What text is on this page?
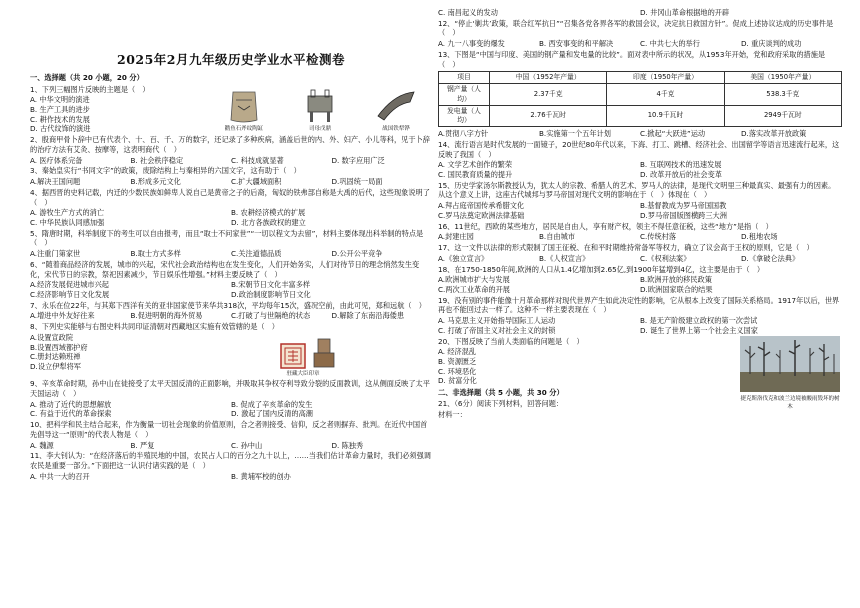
2025年2月九年级历史学业水平检测卷
一、选择题（共 20 小题，20 分）
1、下列三幅图片反映的主题是（　）
A. 中华文明的演进
B. 生产工具的进步
C. 耕作技术的发展
D. 古代纹饰的演进	鹳鱼石斧纹陶缸	司母戊鼎	战国铁犁铧
2、殷商甲骨卜辞中已有代表个、十、百、千、万的数字，还记录了多种疾病，涵盖后世的内、外、妇产、小儿等科，见于卜辞的治疗方法有艾灸、按摩等，这表明商代（　）
A. 医疗体系完备	B. 社会秩序稳定	C. 科技成就显著	D. 数字应用广泛
3、秦始皇实行“书同文字”的政策，废除结构上与秦相异的六国文字，这有助于（　）
A.解决王国问题	B.形成多元文化	C.扩大疆域面积	D.巩固统一局面
4、据西晋的史料记载，内迁的少数民族如鲜卑人说自己是黄帝之子的后裔，匈奴的铁弗部自称是大禹的后代，这些现象说明了（　）
A. 游牧生产方式的消亡	B. 农耕经济模式的扩展
C. 中华民族认同感加强	D. 北方各族政权的建立
5、隋唐时期，科举制度下的考生可以自由报考，而且“取士不问家世”“一切以程文为去留”，材料主要体现出科举制的特点是（　）
A.注重门第家世	B.取士方式多样	C.关注道德品质	D.公开公平竞争
6、“随着商品经济的发展，城市的兴起，宋代社会政治结构也在发生变化，人们开始务实，人们对待节日的理念悄然发生变化，宋代节日的宗教，祭祀因素减少，节日娱乐性增强。”材料主要反映了（　）
A.经济发展促进城市兴起	B.宋朝节日文化丰富多样
C.经济影响节日文化发展	D.政治制度影响节日文化
7、永乐在位22年，与其郑下西洋有关的亚非国家使节来华共318次，平均每年15次，盛况空前，由此可见，郑和远航（　）
A.增进中外友好往来	B.促进明朝的海外贸易	C.打破了与世隔绝的状态	D.解除了东南沿海倭患
8、下列史实能够与右图史料共同印证清朝对西藏地区实施有效管辖的是（　）
A.设置宣政院
B.设置西域都护府
C.册封达赖班禅
D.设立伊犁将军
驻藏大臣印章
9、辛亥革命时期，孙中山在徒接受了太平天国反清的正面影响，并吸取其争权夺利导致分裂的反面教训，这从侧面反映了太平天国运动（　）
A. 推动了近代的思想解放	B. 促成了辛亥革命的发生
C. 有益于近代的革命探索	D. 激起了国内反清的高潮
10、把科学和民主结合起来，作为衡量一切社会现象的价值原则，合之者则接受、信仰，反之者则摒弃、批判。在近代中国首先倡导这一“原则”的代表人物是（　）
A. 魏源	B. 严复	C. 孙中山	D. 陈独秀
11、李大钊认为：“在经济落后的半殖民地的中国，农民占人口的百分之九十以上，……当我们估计革命力量时，我们必须强调农民是重要一部分。”下面把这一认识付诸实践的是（　）
A. 中共一大的召开	B. 黄埔军校的创办
C. 南昌起义的发动	D. 井冈山革命根据地的开辟
12、“停止‘剿共’政策，联合红军抗日”“召集各党各界各军的救国会议，决定抗日救国方针”。促成上述协议达成的历史事件是（　）
A. 九一八事变的爆发	B. 西安事变的和平解决	C. 中共七大的举行	D. 重庆谈判的成功
13、下图是“中国与印度、美国的钢产量和发电量的比较”。面对表中所示的状况，从1953年开始，党和政府采取的措施是（　）
项目	中国（1952年产量）	印度（1950年产量）	美国（1950年产量）
钢产量（人均）	2.37千克	4千克	538.3千克
发电量（人均）	2.76千瓦时	10.9千瓦时	2949千瓦时
A.贯彻八字方针	B.实施第一个五年计划	C.掀起“大跃进”运动	D.落实改革开放政策
14、流行语言是时代发展的一面镜子，20世纪80年代以来，下海、打工、跳槽、经济社会、出国留学等语言迅速流行起来，这反映了我国（　）
A. 文学艺术创作的繁荣	B. 互联网技术的迅速发展
C. 国民教育质量的提升	D. 改革开放后的社会变革
15、历史学家汤尔斯教授认为，犹太人的宗教、希腊人的艺术、罗马人的法律，是现代文明里三种最真实、最强有力的因素。从这个意义上讲，这座古代城邦与罗马帝国对现代文明的影响在于（　）体现在（　）
A.拜占庭帝国传承希腊文化	B.基督教成为罗马帝国国教
C.罗马法奠定欧洲法律基础	D.罗马帝国版图横跨三大洲
16、11世纪，西欧的某些地方，居民是自由人，享有财产权，领主不得任意征税，这些“地方”是指（　）
A.封建庄园	B.自由城市	C.传统村落	D.租地农场
17、这一文件以法律的形式限制了国王征税、在和平时期维持常备军等权力，确立了议会高于王权的原则，它是（　）
A.《独立宣言》	B.《人权宣言》	C.《权利法案》	D.《拿破仑法典》
18、在1750-1850年间,欧洲的人口从1.4亿增加到2.65亿,到1900年猛增到4亿，这主要是由于（　）
A.欧洲城市扩大与发展	B.欧洲开放的移民政策
C.两次工业革命的开展	D.欧洲国家联合的结果
19、没有别的事件能像十月革命那样对现代世界产生如此决定性的影响，它从根本上改变了国际关系格局。1917年以后，世界再也不能回过去一样了。这种不一样主要表现在（　）
A. 马克思主义开始指导国际工人运动	B. 是无产阶级建立政权的第一次尝试
C. 打破了帝国主义对社会主义的封锁	D. 诞生了世界上第一个社会主义国家
20、下图反映了当前人类面临的问题是（　）
A. 经济混乱
B. 资源匮乏
C. 环境恶化
D. 贫富分化
二、非选择题（共 5 小题，共 30 分）
21、（6分）阅读下列材料，回答问题：
材料一：
捷克斯洛伐克和波兰边境被酸雨毁坏的树木
